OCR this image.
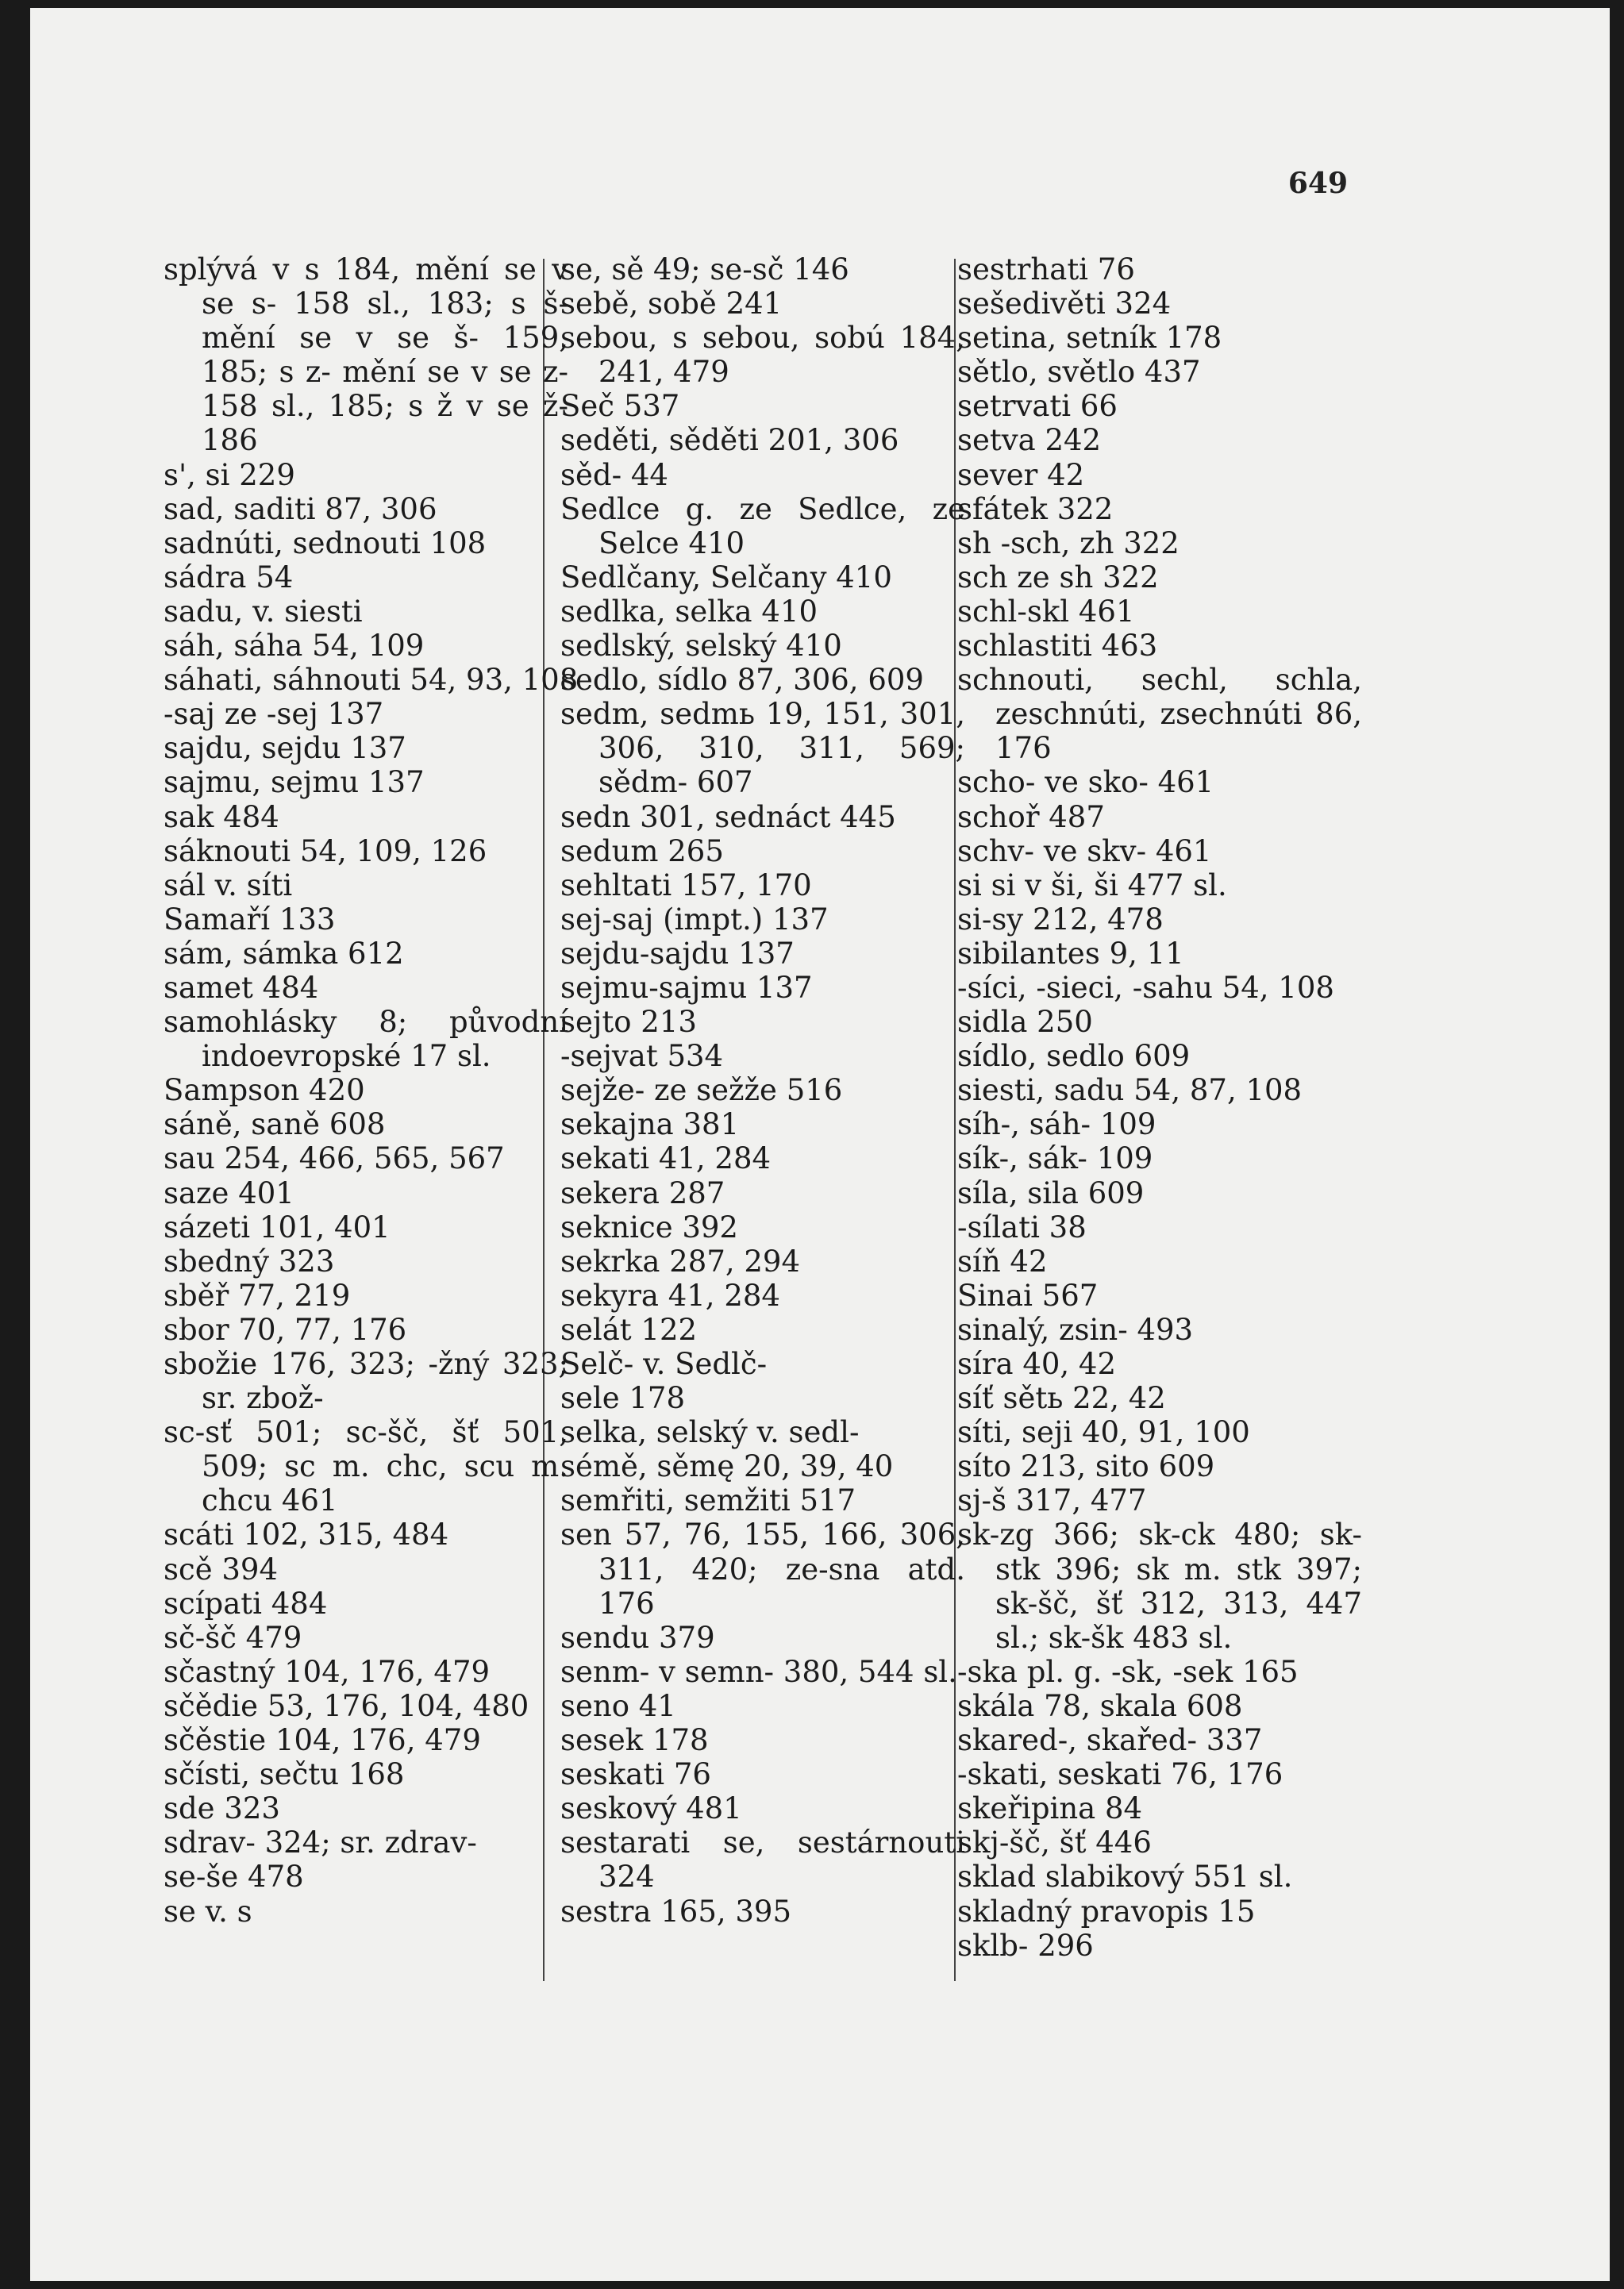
649
splývá v s 184, mění se v se s- 158 sl., 183; s š- mění se v se š- 159, 185; s z- mění se v se z- 158 sl., 185; s ž v se ž- 186
s', si 229
sad, saditi 87, 306
sadnúti, sednouti 108
sádra 54
sadu, v. siesti
sáh, sáha 54, 109
sáhati, sáhnouti 54, 93, 108
-saj ze -sej 137
sajdu, sejdu 137
sajmu, sejmu 137
sak 484
sáknouti 54, 109, 126
sál v. síti
Samaří 133
sám, sámka 612
samet 484
samohlásky 8; původní indoevropské 17 sl.
Sampson 420
sáně, saně 608
sau 254, 466, 565, 567
saze 401
sázeti 101, 401
sbedný 323
sběř 77, 219
sbor 70, 77, 176
sbožie 176, 323; -žný 323; sr. zbož-
sc-sť 501; sc-šč, šť 501, 509; sc m. chc, scu m. chcu 461
scáti 102, 315, 484
scě 394
scípati 484
sč-šč 479
sčastný 104, 176, 479
sčědie 53, 176, 104, 480
sčěstie 104, 176, 479
sčísti, sečtu 168
sde 323
sdrav- 324; sr. zdrav-
se-še 478
se v. s
se, sě 49; se-sč 146
sebě, sobě 241
sebou, s sebou, sobú 184, 241, 479
Seč 537
seděti, sěděti 201, 306
sěd- 44
Sedlce g. ze Sedlce, ze Selce 410
Sedlčany, Selčany 410
sedlka, selka 410
sedlský, selský 410
sedlo, sídlo 87, 306, 609
sedm, sedmь 19, 151, 301, 306, 310, 311, 569; sědm- 607
sedn 301, sednáct 445
sedum 265
sehltati 157, 170
sej-saj (impt.) 137
sejdu-sajdu 137
sejmu-sajmu 137
sejto 213
-sejvat 534
sejže- ze sežže 516
sekajna 381
sekati 41, 284
sekera 287
seknice 392
sekrka 287, 294
sekyra 41, 284
selát 122
Selč- v. Sedlč-
sele 178
selka, selský v. sedl-
sémě, sěmę 20, 39, 40
semřiti, semžiti 517
sen 57, 76, 155, 166, 306, 311, 420; ze-sna atd. 176
sendu 379
senm- v semn- 380, 544 sl.
seno 41
sesek 178
seskati 76
seskový 481
sestarati se, sestárnouti 324
sestra 165, 395
sestrhati 76
sešedivěti 324
setina, setník 178
sětlo, světlo 437
setrvati 66
setva 242
sever 42
sfátek 322
sh -sch, zh 322
sch ze sh 322
schl-skl 461
schlastiti 463
schnouti, sechl, schla, zeschnúti, zsechnúti 86, 176
scho- ve sko- 461
schoř 487
schv- ve skv- 461
si si v ši, ši 477 sl.
si-sy 212, 478
sibilantes 9, 11
-síci, -sieci, -sahu 54, 108
sidla 250
sídlo, sedlo 609
siesti, sadu 54, 87, 108
síh-, sáh- 109
sík-, sák- 109
síla, sila 609
-sílati 38
síň 42
Sinai 567
sinalý, zsin- 493
síra 40, 42
síť sětь 22, 42
síti, seji 40, 91, 100
síto 213, sito 609
sj-š 317, 477
sk-zg 366; sk-ck 480; sk-stk 396; sk m. stk 397; sk-šč, šť 312, 313, 447 sl.; sk-šk 483 sl.
-ska pl. g. -sk, -sek 165
skála 78, skala 608
skared-, skařed- 337
-skati, seskati 76, 176
skeřipina 84
skj-šč, šť 446
sklad slabikový 551 sl.
skladný pravopis 15
sklb- 296
